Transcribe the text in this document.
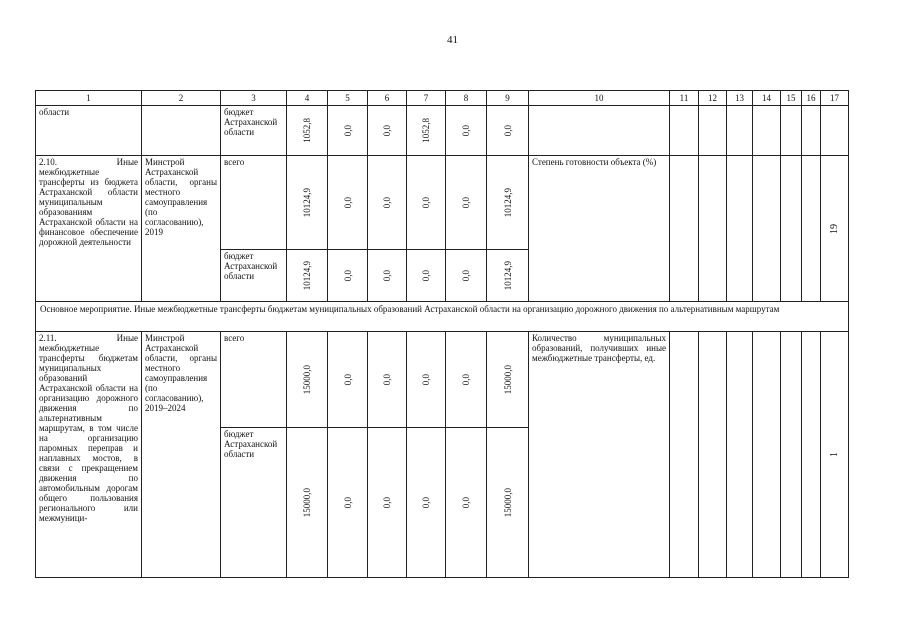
41
1	2	3	4	5	6	7	8	9	10	11	12	13	14	15	16	17
области		бюджет Астраханской области	1052,8	0,0	0,0	1052,8	0,0	0,0								

2.10. Иные межбюджетные трансферты из бюджета Астраханской области муниципальным образованиям Астраханской области на финансовое обеспечение дорожной деятельности	Минстрой Астраханской области, органы местного самоуправления (по согласованию), 2019	всего	10124,9	0,0	0,0	0,0	0,0	10124,9	Степень готовности объекта (%)							19

		бюджет Астраханской области	10124,9	0,0	0,0	0,0	0,0	10124,9								

Основное мероприятие. Иные межбюджетные трансферты бюджетам муниципальных образований Астраханской области на организацию дорожного движения по альтернативным маршрутам																
2.11. Иные межбюджетные трансферты бюджетам муниципальных образований Астраханской области на организацию дорожного движения по альтернативным маршрутам, в том числе на организацию паромных переправ и наплавных мостов, в связи с прекращением движения по автомобильным дорогам общего пользования регионального или межмуници-	Минстрой Астраханской области, органы местного самоуправления (по согласованию), 2019–2024	всего	15000,0	0,0	0,0	0,0	0,0	15000,0	Количество муниципальных образований, получивших иные межбюджетные трансферты, ед.							1

		бюджет Астраханской области	15000,0	0,0	0,0	0,0	0,0	15000,0								
